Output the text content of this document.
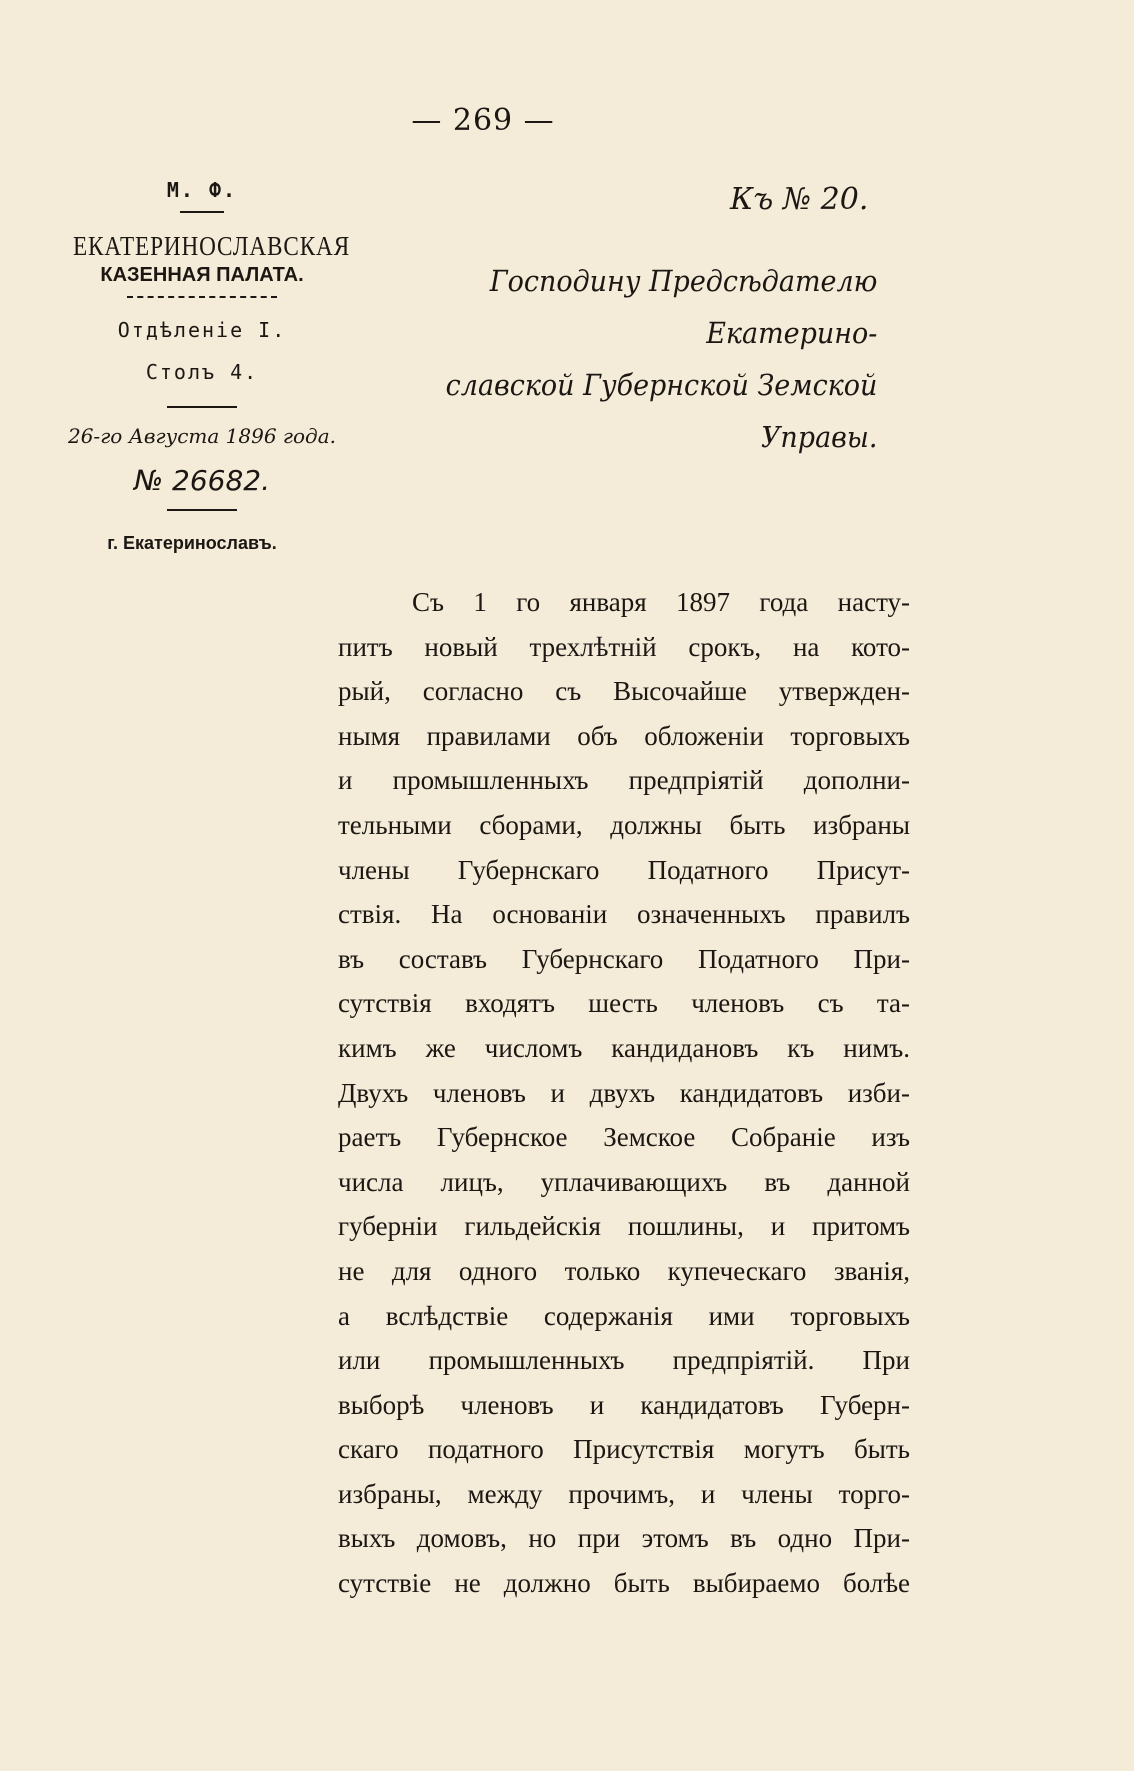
— 269 —
M. Ф.
ЕКАТЕРИНОСЛАВСКАЯ
КАЗЕННАЯ ПАЛАТА.
Отдѣленіе I.
Столъ 4.
26-го Августа 1896 года.
№ 26682.
г. Екатеринославъ.
Къ № 20.
Господину Предсѣдателю Екатерино-
славской Губернской Земской Управы.
Съ 1 го января 1897 года насту-
питъ новый трехлѣтній срокъ, на кото-
рый, согласно съ Высочайше утвержден-
нымя правилами объ обложеніи торговыхъ
и промышленныхъ предпріятій дополни-
тельными сборами, должны быть избраны
члены Губернскаго Податного Присут-
ствія. На основаніи означенныхъ правилъ
въ составъ Губернскаго Податного При-
сутствія входятъ шесть членовъ съ та-
кимъ же числомъ кандидановъ къ нимъ.
Двухъ членовъ и двухъ кандидатовъ изби-
раетъ Губернское Земское Собраніе изъ
числа лицъ, уплачивающихъ въ данной
губерніи гильдейскія пошлины, и притомъ
не для одного только купеческаго званія,
а вслѣдствіе содержанія ими торговыхъ
или промышленныхъ предпріятій. При
выборѣ членовъ и кандидатовъ Губерн-
скаго податного Присутствія могутъ быть
избраны, между прочимъ, и члены торго-
выхъ домовъ, но при этомъ въ одно При-
сутствіе не должно быть выбираемо болѣе
